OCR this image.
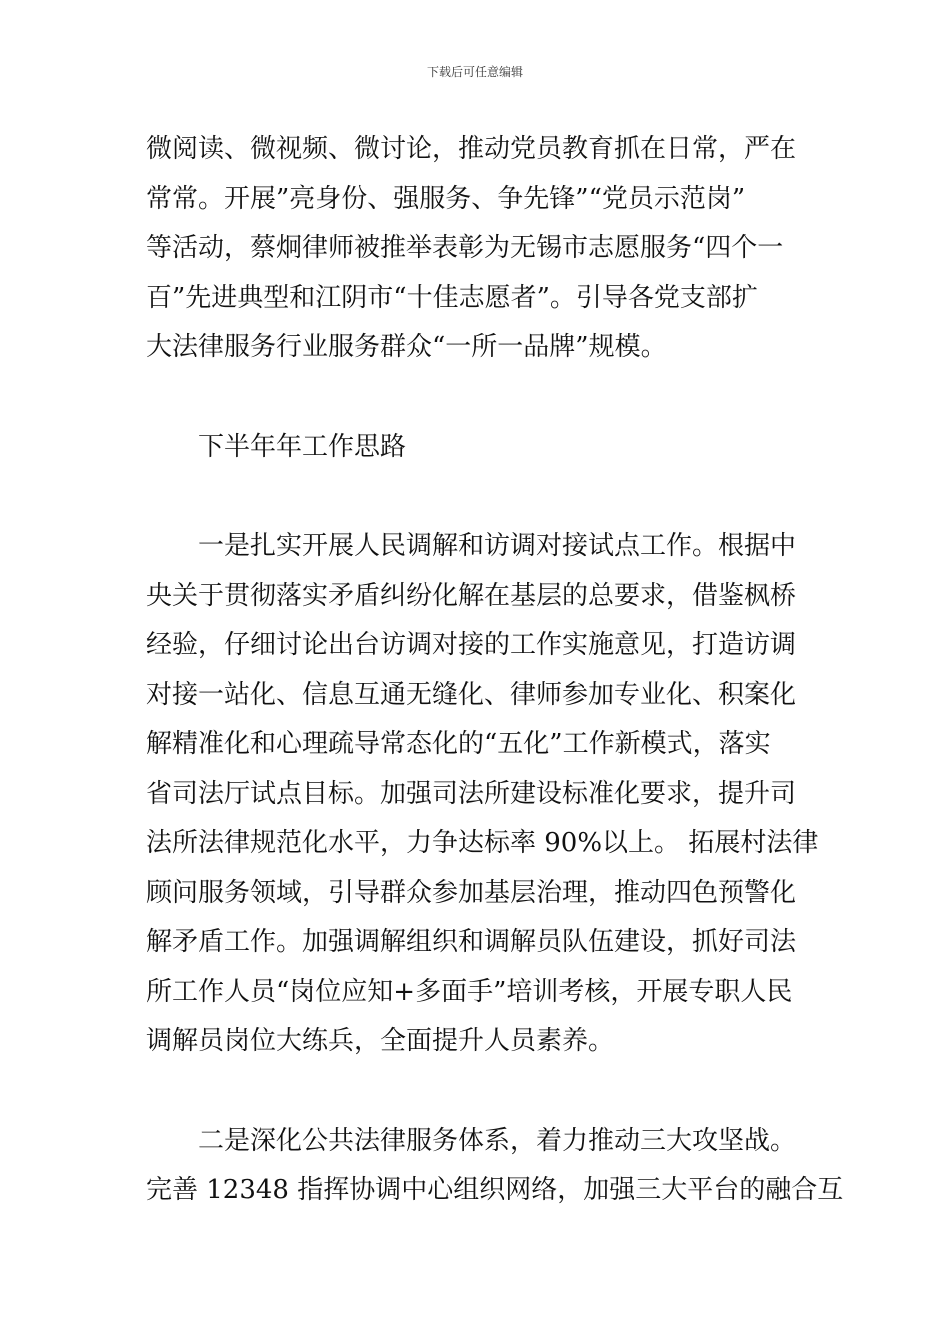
下载后可任意编辑

微阅读、微视频、微讨论，推动党员教育抓在日常，严在

常常。开展”亮身份、强服务、争先锋”“党员示范岗”

等活动，蔡炯律师被推举表彰为无锡市志愿服务“四个一

百”先进典型和江阴市“十佳志愿者”。引导各党支部扩

大法律服务行业服务群众“一所一品牌”规模。

　　下半年年工作思路

　　一是扎实开展人民调解和访调对接试点工作。根据中

央关于贯彻落实矛盾纠纷化解在基层的总要求，借鉴枫桥

经验，仔细讨论出台访调对接的工作实施意见，打造访调

对接一站化、信息互通无缝化、律师参加专业化、积案化

解精准化和心理疏导常态化的“五化”工作新模式，落实

省司法厅试点目标。加强司法所建设标准化要求，提升司

法所法律规范化水平，力争达标率 90%以上。 拓展村法律

顾问服务领域，引导群众参加基层治理，推动四色预警化

解矛盾工作。加强调解组织和调解员队伍建设，抓好司法

所工作人员“岗位应知+多面手”培训考核，开展专职人民

调解员岗位大练兵，全面提升人员素养。

　　二是深化公共法律服务体系，着力推动三大攻坚战。

完善 12348 指挥协调中心组织网络，加强三大平台的融合互
